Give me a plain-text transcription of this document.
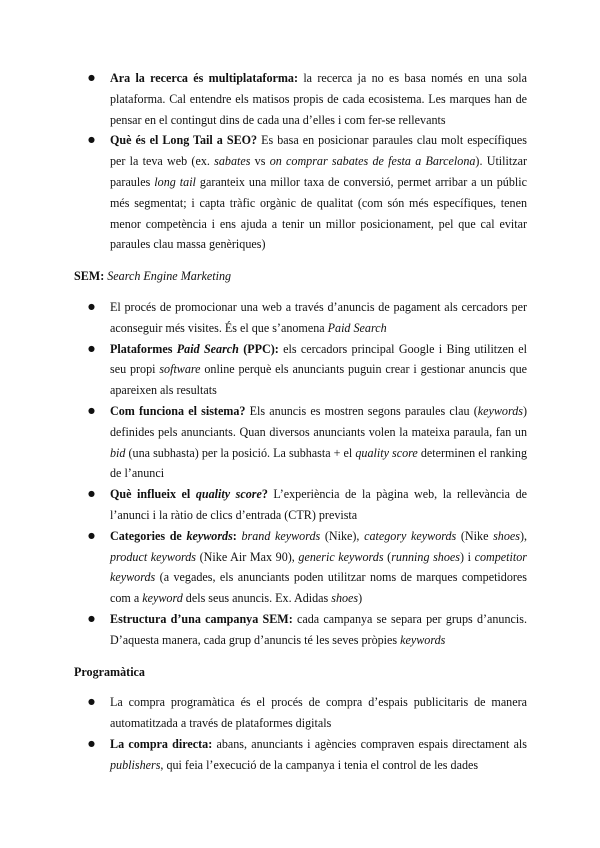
● Ara la recerca és multiplataforma: la recerca ja no es basa només en una sola plataforma. Cal entendre els matisos propis de cada ecosistema. Les marques han de pensar en el contingut dins de cada una d’elles i com fer-se rellevants
● Què és el Long Tail a SEO? Es basa en posicionar paraules clau molt específiques per la teva web (ex. sabates vs on comprar sabates de festa a Barcelona). Utilitzar paraules long tail garanteix una millor taxa de conversió, permet arribar a un públic més segmentat; i capta tràfic orgànic de qualitat (com són més específiques, tenen menor competència i ens ajuda a tenir un millor posicionament, pel que cal evitar paraules clau massa genèriques)
SEM: Search Engine Marketing
● El procés de promocionar una web a través d’anuncis de pagament als cercadors per aconseguir més visites. És el que s’anomena Paid Search
● Plataformes Paid Search (PPC): els cercadors principal Google i Bing utilitzen el seu propi software online perquè els anunciants puguin crear i gestionar anuncis que apareixen als resultats
● Com funciona el sistema? Els anuncis es mostren segons paraules clau (keywords) definides pels anunciants. Quan diversos anunciants volen la mateixa paraula, fan un bid (una subhasta) per la posició. La subhasta + el quality score determinen el ranking de l’anunci
● Què influeix el quality score? L’experiència de la pàgina web, la rellevància de l’anunci i la ràtio de clics d’entrada (CTR) prevista
● Categories de keywords: brand keywords (Nike), category keywords (Nike shoes), product keywords (Nike Air Max 90), generic keywords (running shoes) i competitor keywords (a vegades, els anunciants poden utilitzar noms de marques competidores com a keyword dels seus anuncis. Ex. Adidas shoes)
● Estructura d’una campanya SEM: cada campanya se separa per grups d’anuncis. D’aquesta manera, cada grup d’anuncis té les seves pròpies keywords
Programàtica
● La compra programàtica és el procés de compra d’espais publicitaris de manera automatitzada a través de plataformes digitals
● La compra directa: abans, anunciants i agències compraven espais directament als publishers, qui feia l’execució de la campanya i tenia el control de les dades
